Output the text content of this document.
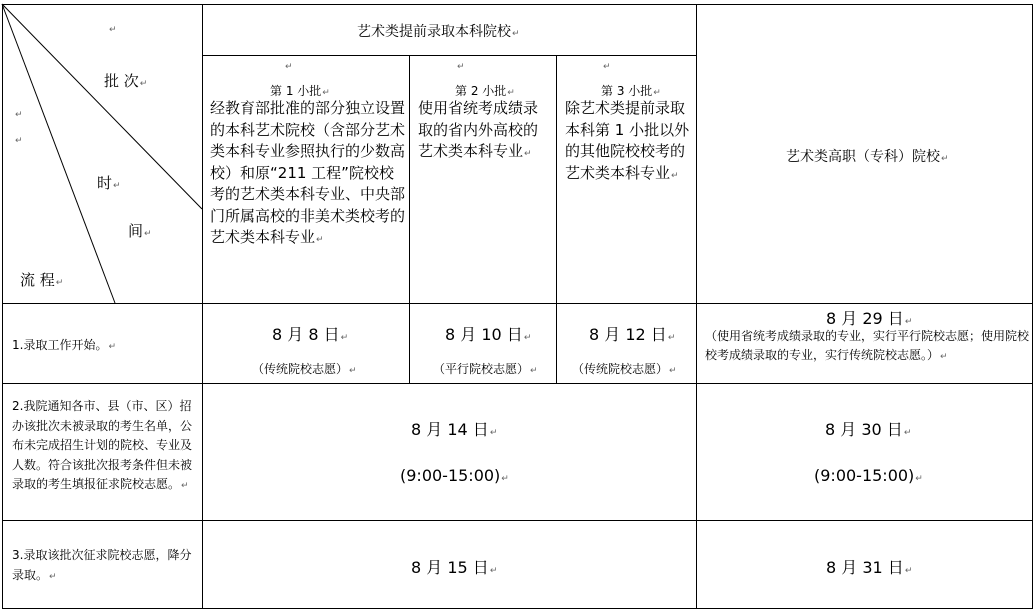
↵
↵
↵
批 次↵
时↵
间↵
流 程↵
艺术类提前录取本科院校↵
↵
第 1 小批↵
经教育部批准的部分独立设置的本科艺术院校（含部分艺术类本科专业参照执行的少数高校）和原“211 工程”院校校考的艺术类本科专业、中央部门所属高校的非美术类校考的艺术类本科专业↵
↵
第 2 小批↵
使用省统考成绩录取的省内外高校的艺术类本科专业↵
↵
第 3 小批↵
除艺术类提前录取本科第 1 小批以外的其他院校校考的艺术类本科专业↵
艺术类高职（专科）院校↵
1.录取工作开始。↵
8 月 8 日↵
（传统院校志愿）↵
8 月 10 日↵
（平行院校志愿）↵
8 月 12 日↵
（传统院校志愿）↵
8 月 29 日↵
（使用省统考成绩录取的专业，实行平行院校志愿；使用院校校考成绩录取的专业，实行传统院校志愿。）↵
2.我院通知各市、县（市、区）招办该批次未被录取的考生名单，公布未完成招生计划的院校、专业及人数。符合该批次报考条件但未被录取的考生填报征求院校志愿。↵
8 月 14 日↵
(9:00-15:00)↵
8 月 30 日↵
(9:00-15:00)↵
3.录取该批次征求院校志愿，降分录取。↵	8 月 15 日↵	8 月 31 日↵
